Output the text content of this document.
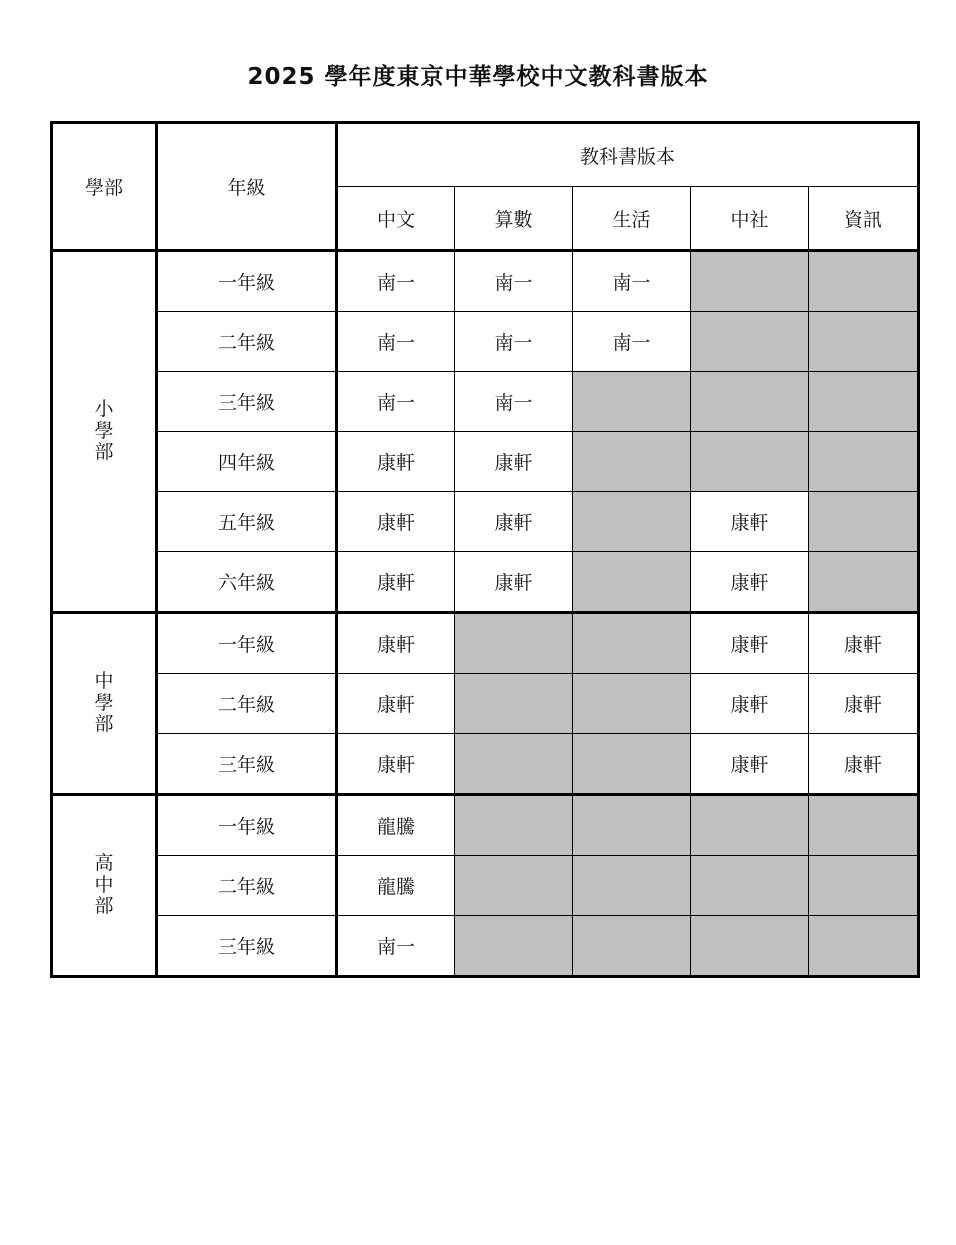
2025 學年度東京中華學校中文教科書版本
學部	年級	教科書版本				
		中文	算數	生活	中社	資訊
小學部	一年級	南一	南一	南一		
	二年級	南一	南一	南一		
	三年級	南一	南一			
	四年級	康軒	康軒			
	五年級	康軒	康軒		康軒	
	六年級	康軒	康軒		康軒	
中學部	一年級	康軒			康軒	康軒
	二年級	康軒			康軒	康軒
	三年級	康軒			康軒	康軒
高中部	一年級	龍騰				
	二年級	龍騰				
	三年級	南一				
